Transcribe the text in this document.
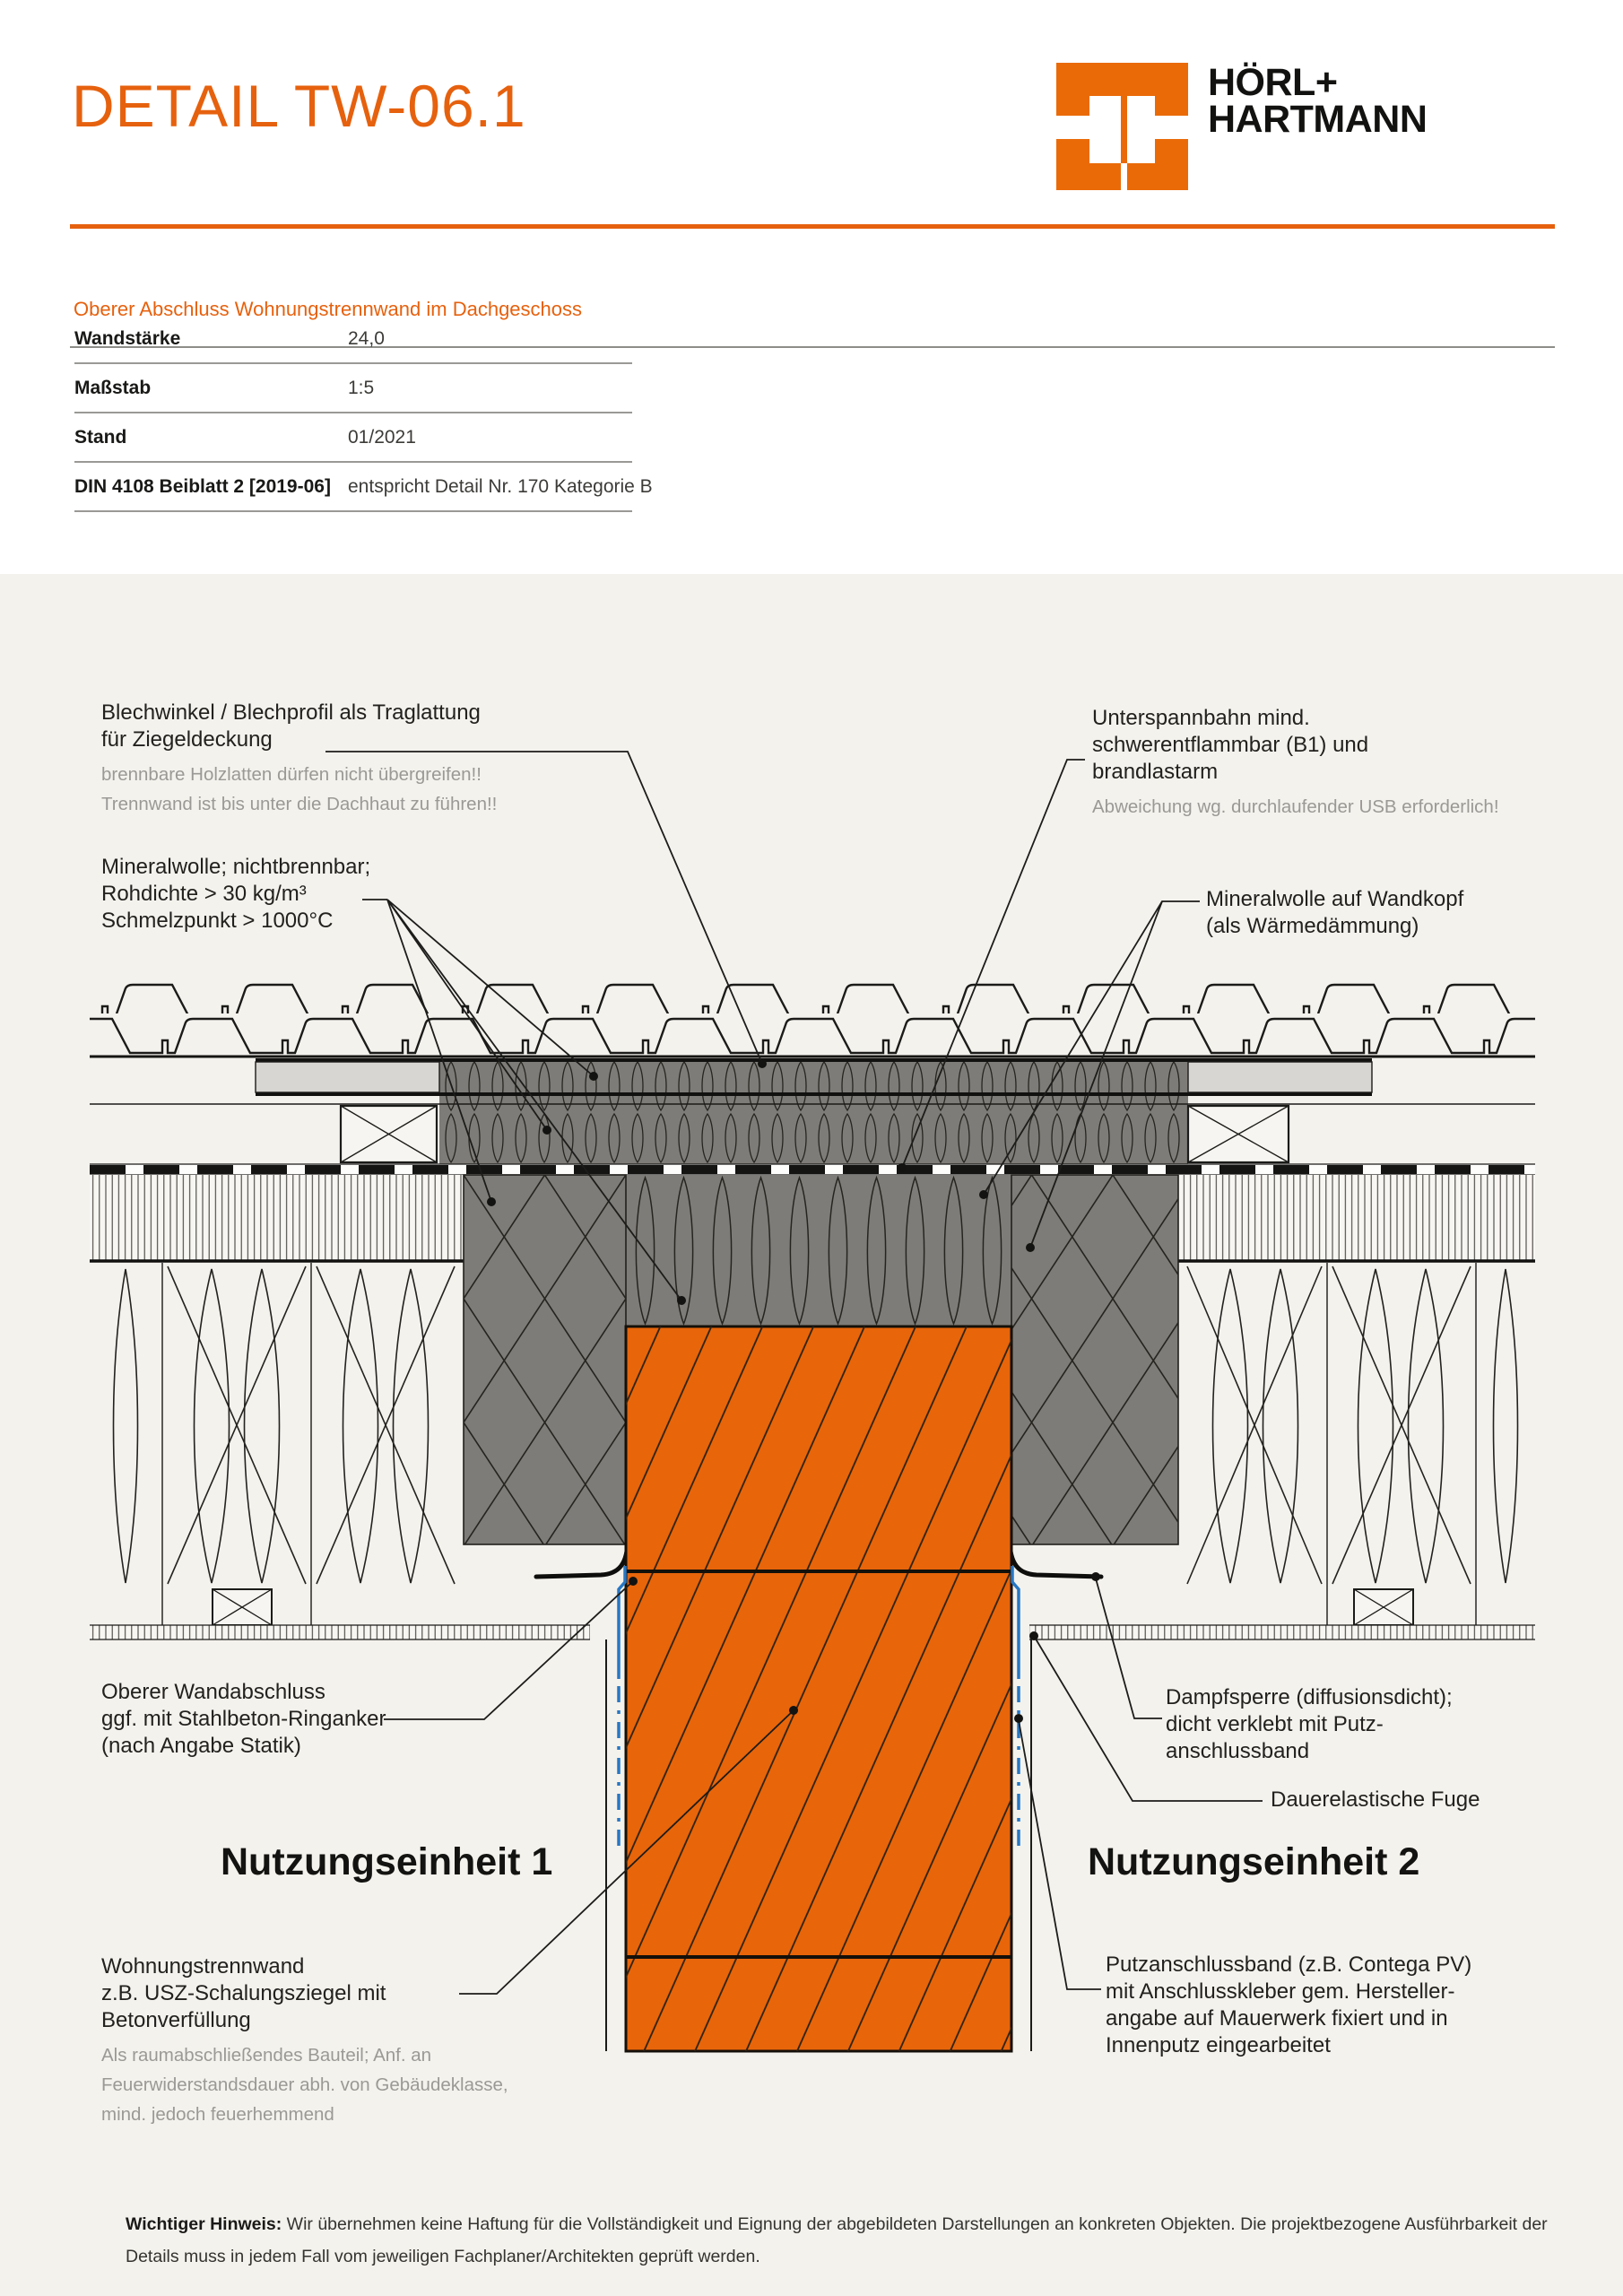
DETAIL TW-06.1	HÖRL+
HARTMANN
Oberer Abschluss Wohnungstrennwand im Dachgeschoss
Wandstärke	24,0
Maßstab	1:5
Stand	01/2021
DIN 4108 Beiblatt 2 [2019-06] entspricht Detail Nr. 170 Kategorie B
Blechwinkel / Blechprofil als Traglattung
für Ziegeldeckung
brennbare Holzlatten dürfen nicht übergreifen!!
Trennwand ist bis unter die Dachhaut zu führen!!
Mineralwolle; nichtbrennbar;
Rohdichte > 30 kg/m³
Schmelzpunkt > 1000°C
Unterspannbahn mind.
schwerentflammbar (B1) und
brandlastarm
Abweichung wg. durchlaufender USB erforderlich!
Mineralwolle auf Wandkopf
(als Wärmedämmung)
Oberer Wandabschluss
ggf. mit Stahlbeton-Ringanker
(nach Angabe Statik)
Nutzungseinheit 1	Nutzungseinheit 2
Wohnungstrennwand
z.B. USZ-Schalungsziegel mit
Betonverfüllung
Als raumabschließendes Bauteil; Anf. an
Feuerwiderstandsdauer abh. von Gebäudeklasse,
mind. jedoch feuerhemmend
Dampfsperre (diffusionsdicht);
dicht verklebt mit Putz-
anschlussband
Dauerelastische Fuge
Putzanschlussband (z.B. Contega PV)
mit Anschlusskleber gem. Hersteller-
angabe auf Mauerwerk fixiert und in
Innenputz eingearbeitet
Wichtiger Hinweis: Wir übernehmen keine Haftung für die Vollständigkeit und Eignung der abgebildeten Darstellungen an konkreten Objekten. Die projektbezogene Ausführbarkeit der Details muss in jedem Fall vom jeweiligen Fachplaner/Architekten geprüft werden.
